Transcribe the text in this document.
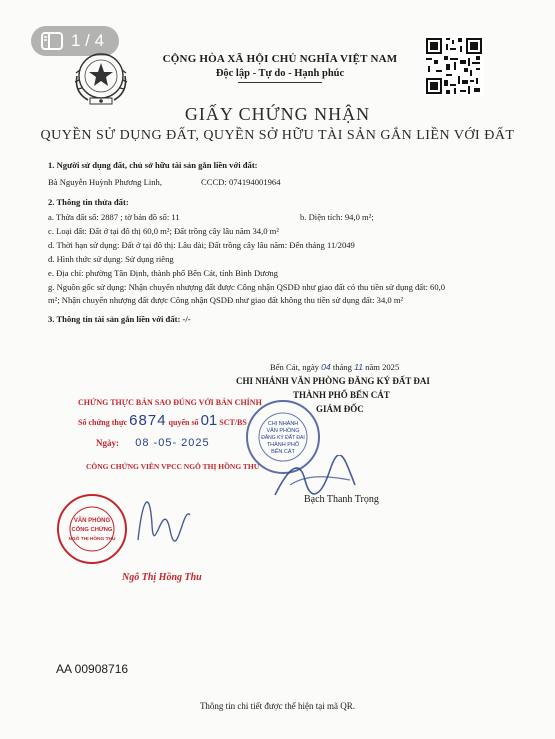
1 / 4
CỘNG HÒA XÃ HỘI CHỦ NGHĨA VIỆT NAM
Độc lập - Tự do - Hạnh phúc
GIẤY CHỨNG NHẬN
QUYỀN SỬ DỤNG ĐẤT, QUYỀN SỞ HỮU TÀI SẢN GẮN LIỀN VỚI ĐẤT
1. Người sử dụng đất, chủ sở hữu tài sản gắn liền với đất:
Bà Nguyễn Huỳnh Phương Linh,	CCCD: 074194001964
2. Thông tin thửa đất:
a. Thửa đất số: 2887 ; tờ bản đồ số: 11	b. Diện tích: 94,0 m²;
c. Loại đất: Đất ở tại đô thị 60,0 m²; Đất trồng cây lâu năm 34,0 m²
d. Thời hạn sử dụng: Đất ở tại đô thị: Lâu dài; Đất trồng cây lâu năm: Đến tháng 11/2049
đ. Hình thức sử dụng: Sử dụng riêng
e. Địa chỉ: phường Tân Định, thành phố Bến Cát, tỉnh Bình Dương
g. Nguồn gốc sử dụng: Nhận chuyển nhượng đất được Công nhận QSDĐ như giao đất có thu tiền sử dụng đất: 60,0
m²; Nhận chuyển nhượng đất được Công nhận QSDĐ như giao đất không thu tiền sử dụng đất: 34,0 m²
3. Thông tin tài sản gắn liền với đất: -/-
Bến Cát, ngày 04 tháng 11 năm 2025
CHI NHÁNH VĂN PHÒNG ĐĂNG KÝ ĐẤT ĐAI
THÀNH PHỐ BẾN CÁT
GIÁM ĐỐC
CHI NHÁNH
VĂN PHÒNG
ĐĂNG KÝ ĐẤT ĐAI
THÀNH PHỐ
BẾN CÁT
Bạch Thanh Trọng
CHỨNG THỰC BẢN SAO ĐÚNG VỚI BẢN CHÍNH
Số chứng thực 6874 quyển số 01 SCT/BS
Ngày: 08 -05- 2025
CÔNG CHỨNG VIÊN VPCC NGÔ THỊ HỒNG THU
VĂN PHÒNG
CÔNG CHỨNG
NGÔ THỊ HỒNG THU
Ngô Thị Hồng Thu
AA 00908716
Thông tin chi tiết được thể hiện tại mã QR.
